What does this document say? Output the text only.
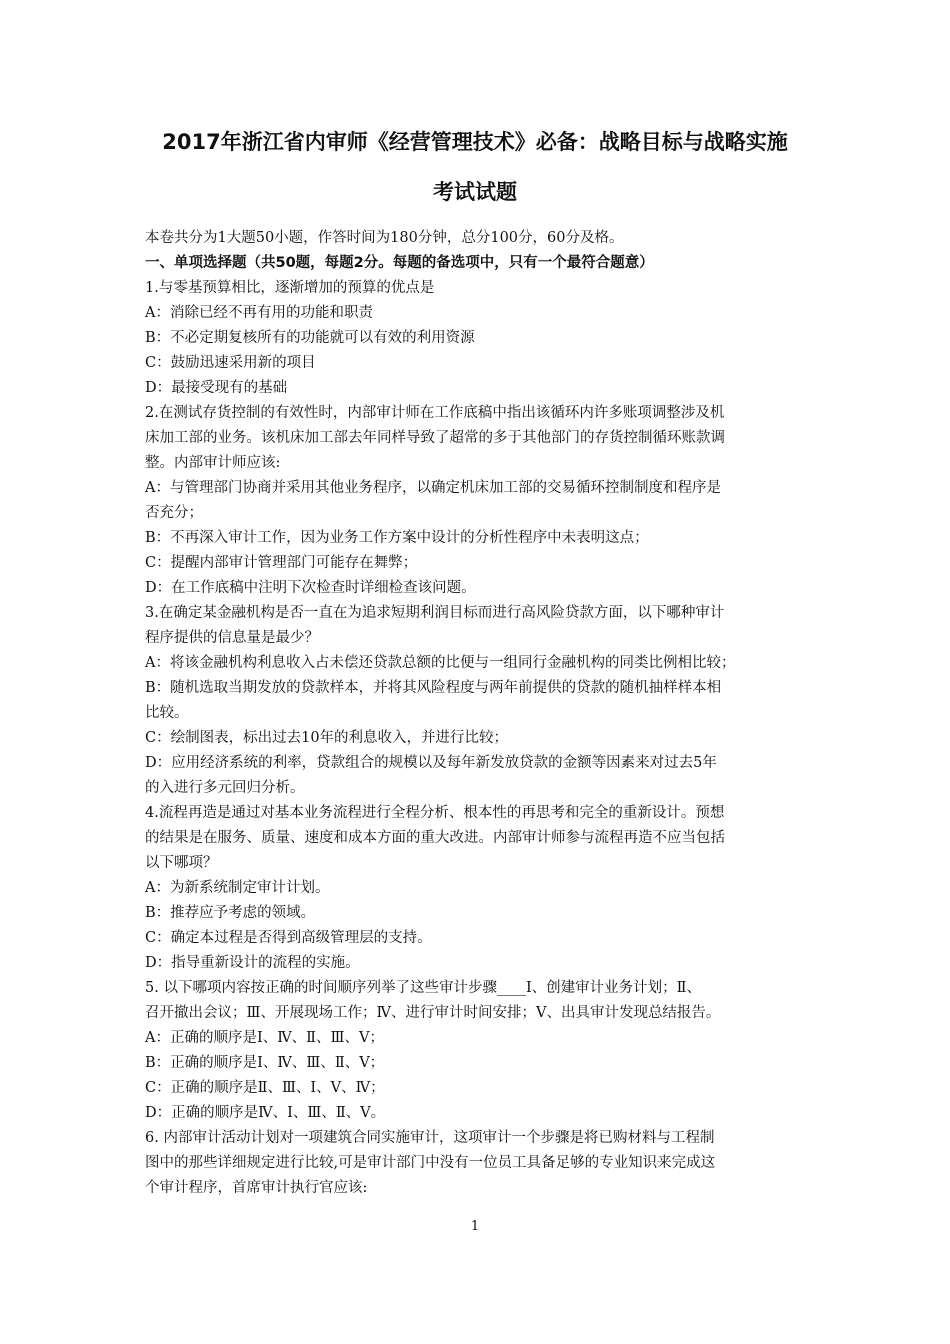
2017年浙江省内审师《经营管理技术》必备：战略目标与战略实施
考试试题
本卷共分为1大题50小题，作答时间为180分钟，总分100分，60分及格。
一、单项选择题（共50题，每题2分。每题的备选项中，只有一个最符合题意）
1.与零基预算相比，逐渐增加的预算的优点是
A：消除已经不再有用的功能和职责
B：不必定期复核所有的功能就可以有效的利用资源
C：鼓励迅速采用新的项目
D：最接受现有的基础
2.在测试存货控制的有效性时，内部审计师在工作底稿中指出该循环内许多账项调整涉及机
床加工部的业务。该机床加工部去年同样导致了超常的多于其他部门的存货控制循环账款调
整。内部审计师应该:
A：与管理部门协商并采用其他业务程序，以确定机床加工部的交易循环控制制度和程序是
否充分；
B：不再深入审计工作，因为业务工作方案中设计的分析性程序中未表明这点；
C：提醒内部审计管理部门可能存在舞弊；
D：在工作底稿中注明下次检查时详细检查该问题。
3.在确定某金融机构是否一直在为追求短期利润目标而进行高风险贷款方面，以下哪种审计
程序提供的信息量是最少？
A：将该金融机构利息收入占未偿还贷款总额的比便与一组同行金融机构的同类比例相比较；
B：随机选取当期发放的贷款样本，并将其风险程度与两年前提供的贷款的随机抽样样本相
比较。
C：绘制图表，标出过去10年的利息收入，并进行比较；
D：应用经济系统的利率，贷款组合的规模以及每年新发放贷款的金额等因素来对过去5年
的入进行多元回归分析。
4.流程再造是通过对基本业务流程进行全程分析、根本性的再思考和完全的重新设计。预想
的结果是在服务、质量、速度和成本方面的重大改进。内部审计师参与流程再造不应当包括
以下哪项？
A：为新系统制定审计计划。
B：推荐应予考虑的领域。
C：确定本过程是否得到高级管理层的支持。
D：指导重新设计的流程的实施。
5. 以下哪项内容按正确的时间顺序列举了这些审计步骤____Ⅰ、创建审计业务计划；Ⅱ、
召开撤出会议；Ⅲ、开展现场工作；Ⅳ、进行审计时间安排；Ⅴ、出具审计发现总结报告。
A：正确的顺序是Ⅰ、Ⅳ、Ⅱ、Ⅲ、Ⅴ；
B：正确的顺序是Ⅰ、Ⅳ、Ⅲ、Ⅱ、Ⅴ；
C：正确的顺序是Ⅱ、Ⅲ、Ⅰ、Ⅴ、Ⅳ；
D：正确的顺序是Ⅳ、Ⅰ、Ⅲ、Ⅱ、Ⅴ。
6. 内部审计活动计划对一项建筑合同实施审计，这项审计一个步骤是将已购材料与工程制
图中的那些详细规定进行比较,可是审计部门中没有一位员工具备足够的专业知识来完成这
个审计程序，首席审计执行官应该:
1
